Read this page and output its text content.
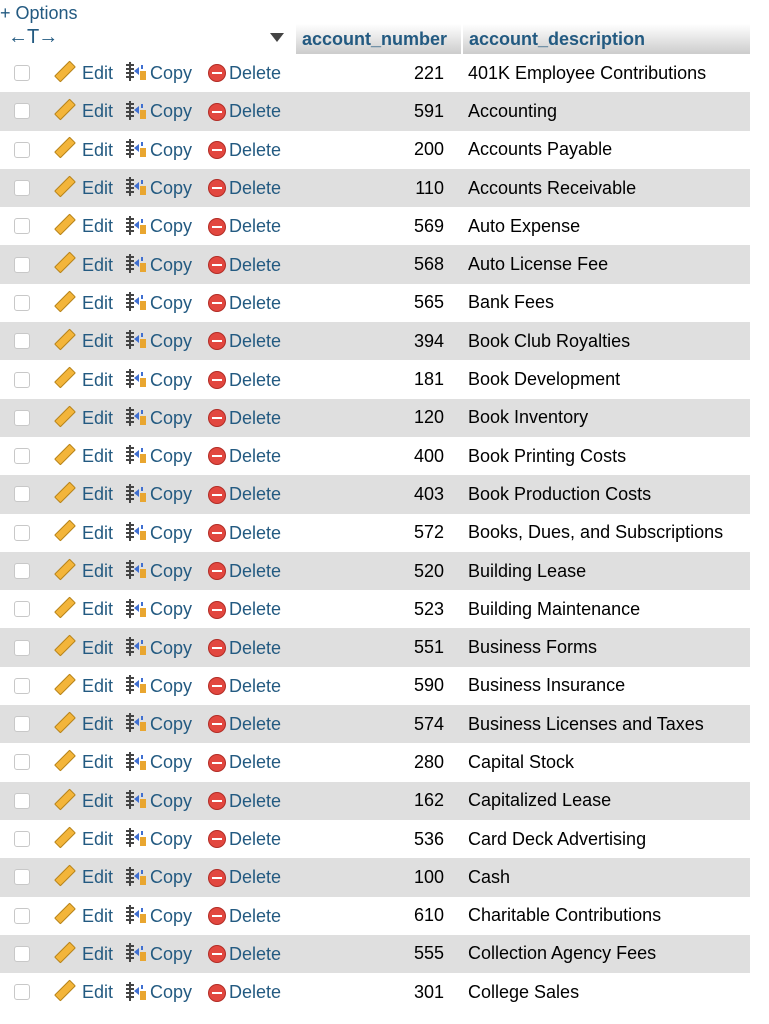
+ Options
←T→	account_number	account_description

Edit Copy Delete	221	401K Employee Contributions

Edit Copy Delete	591	Accounting

Edit Copy Delete	200	Accounts Payable

Edit Copy Delete	110	Accounts Receivable

Edit Copy Delete	569	Auto Expense

Edit Copy Delete	568	Auto License Fee

Edit Copy Delete	565	Bank Fees

Edit Copy Delete	394	Book Club Royalties

Edit Copy Delete	181	Book Development

Edit Copy Delete	120	Book Inventory

Edit Copy Delete	400	Book Printing Costs

Edit Copy Delete	403	Book Production Costs

Edit Copy Delete	572	Books, Dues, and Subscriptions

Edit Copy Delete	520	Building Lease

Edit Copy Delete	523	Building Maintenance

Edit Copy Delete	551	Business Forms

Edit Copy Delete	590	Business Insurance

Edit Copy Delete	574	Business Licenses and Taxes

Edit Copy Delete	280	Capital Stock

Edit Copy Delete	162	Capitalized Lease

Edit Copy Delete	536	Card Deck Advertising

Edit Copy Delete	100	Cash

Edit Copy Delete	610	Charitable Contributions

Edit Copy Delete	555	Collection Agency Fees

Edit Copy Delete	301	College Sales
